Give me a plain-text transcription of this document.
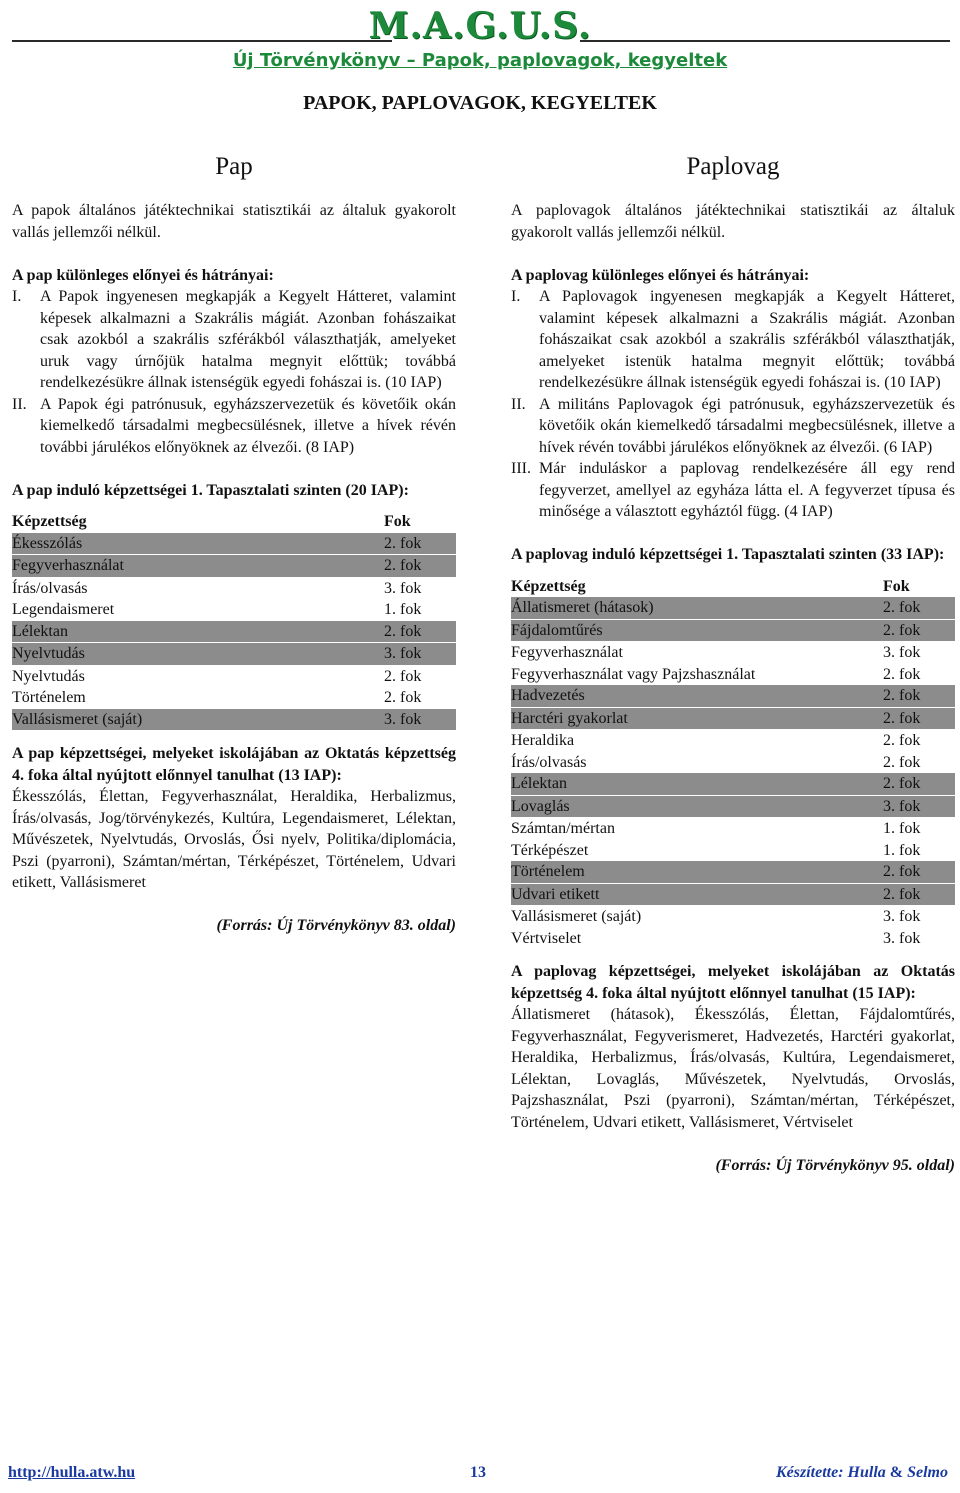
M.A.G.U.S.
Új Törvénykönyv – Papok, paplovagok, kegyeltek
PAPOK, PAPLOVAGOK, KEGYELTEK
Pap

A papok általános játéktechnikai statisztikái az általuk gyakorolt vallás jellemzői nélkül.

A pap különleges előnyei és hátrányai:

I.	A Papok ingyenesen megkapják a Kegyelt Hátteret, valamint képesek alkalmazni a Szakrális mágiát. Azonban fohászaikat csak azokból a szakrális szférákból választhatják, amelyeket uruk vagy úrnőjük hatalma megnyit előttük; továbbá rendelkezésükre állnak istenségük egyedi fohászai is. (10 IAP)
II. A Papok égi patrónusuk, egyházszervezetük és követőik okán kiemelkedő társadalmi megbecsülésnek, illetve a hívek révén további járulékos előnyöknek az élvezői. (8 IAP)

A pap induló képzettségei 1. Tapasztalati szinten (20 IAP):

Képzettség	Fok
Ékesszólás	2. fok
Fegyverhasználat	2. fok
Írás/olvasás	3. fok
Legendaismeret	1. fok
Lélektan	2. fok
Nyelvtudás	3. fok
Nyelvtudás	2. fok
Történelem	2. fok
Vallásismeret (saját)	3. fok

A pap képzettségei, melyeket iskolájában az Oktatás képzettség 4. foka által nyújtott előnnyel tanulhat (13 IAP):

Ékesszólás, Élettan, Fegyverhasználat, Heraldika, Herbalizmus, Írás/olvasás, Jog/törvénykezés, Kultúra, Legendaismeret, Lélektan, Művészetek, Nyelvtudás, Orvoslás, Ősi nyelv, Politika/diplomácia, Pszi (pyarroni), Számtan/mértan, Térképészet, Történelem, Udvari etikett, Vallásismeret

(Forrás: Új Törvénykönyv 83. oldal)

Paplovag

A paplovagok általános játéktechnikai statisztikái az általuk gyakorolt vallás jellemzői nélkül.

A paplovag különleges előnyei és hátrányai:

I.	A Paplovagok ingyenesen megkapják a Kegyelt Hátteret, valamint képesek alkalmazni a Szakrális mágiát. Azonban fohászaikat csak azokból a szakrális szférákból választhatják, amelyeket istenük hatalma megnyit előttük; továbbá rendelkezésükre állnak istenségük egyedi fohászai is. (10 IAP)
II. A militáns Paplovagok égi patrónusuk, egyházszervezetük és követőik okán kiemelkedő társadalmi megbecsülésnek, illetve a hívek révén további járulékos előnyöknek az élvezői. (6 IAP)
III. Már induláskor a paplovag rendelkezésére áll egy rend fegyverzet, amellyel az egyháza látta el. A fegyverzet típusa és minősége a választott egyháztól függ. (4 IAP)

A paplovag induló képzettségei 1. Tapasztalati szinten (33 IAP):

Képzettség	Fok
Állatismeret (hátasok)	2. fok
Fájdalomtűrés	2. fok
Fegyverhasználat	3. fok
Fegyverhasználat vagy Pajzshasználat	2. fok
Hadvezetés	2. fok
Harctéri gyakorlat	2. fok
Heraldika	2. fok
Írás/olvasás	2. fok
Lélektan	2. fok
Lovaglás	3. fok
Számtan/mértan	1. fok
Térképészet	1. fok
Történelem	2. fok
Udvari etikett	2. fok
Vallásismeret (saját)	3. fok
Vértviselet	3. fok

A paplovag képzettségei, melyeket iskolájában az Oktatás képzettség 4. foka által nyújtott előnnyel tanulhat (15 IAP):

Állatismeret (hátasok), Ékesszólás, Élettan, Fájdalomtűrés, Fegyverhasználat, Fegyverismeret, Hadvezetés, Harctéri gyakorlat, Heraldika, Herbalizmus, Írás/olvasás, Kultúra, Legendaismeret, Lélektan, Lovaglás, Művészetek, Nyelvtudás, Orvoslás, Pajzshasználat, Pszi (pyarroni), Számtan/mértan, Térképészet, Történelem, Udvari etikett, Vallásismeret, Vértviselet

(Forrás: Új Törvénykönyv 95. oldal)

http://hulla.atw.hu	13	Készítette: Hulla & Selmo
